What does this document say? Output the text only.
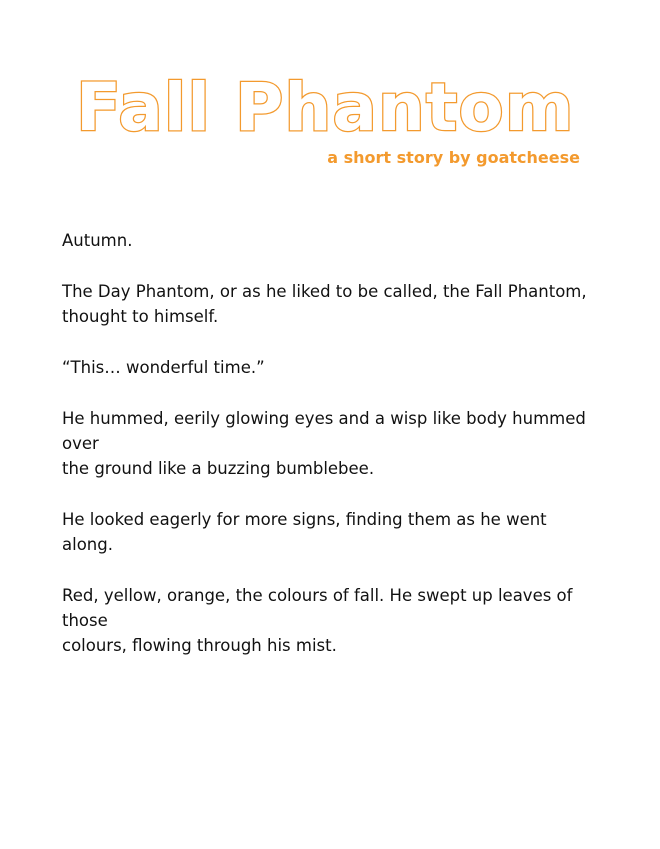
Fall Phantom
a short story by goatcheese

Autumn.

The Day Phantom, or as he liked to be called, the Fall Phantom,
thought to himself.

“This… wonderful time.”

He hummed, eerily glowing eyes and a wisp like body hummed over
the ground like a buzzing bumblebee.

He looked eagerly for more signs, finding them as he went along.

Red, yellow, orange, the colours of fall. He swept up leaves of those
colours, flowing through his mist.
